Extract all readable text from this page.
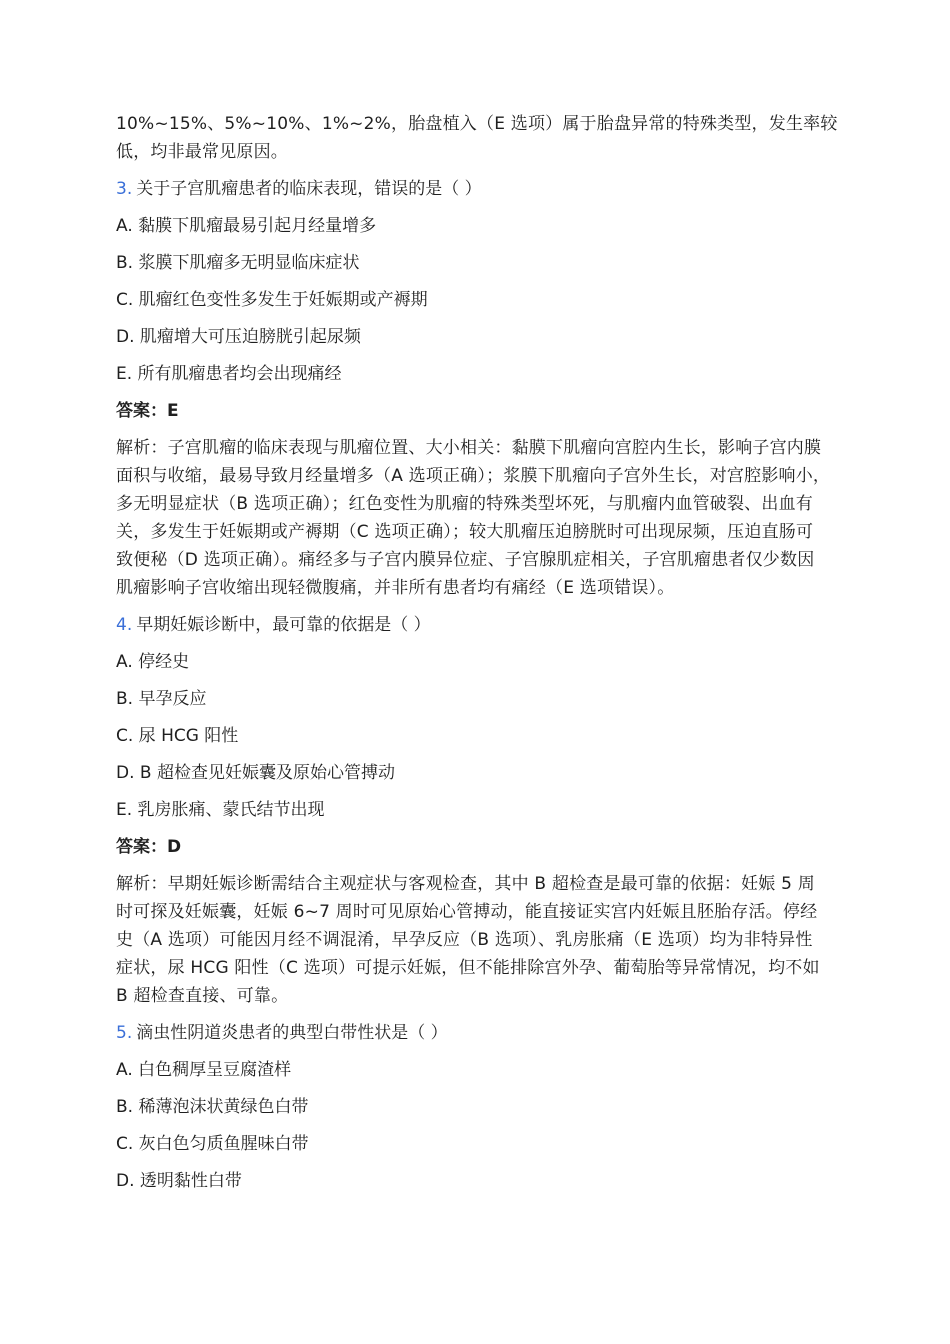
10%~15%、5%~10%、1%~2%，胎盘植入（E 选项）属于胎盘异常的特殊类型，发生率较
低，均非最常见原因。
3. 关于子宫肌瘤患者的临床表现，错误的是（ ）
A. 黏膜下肌瘤最易引起月经量增多
B. 浆膜下肌瘤多无明显临床症状
C. 肌瘤红色变性多发生于妊娠期或产褥期
D. 肌瘤增大可压迫膀胱引起尿频
E. 所有肌瘤患者均会出现痛经
答案：E
解析：子宫肌瘤的临床表现与肌瘤位置、大小相关：黏膜下肌瘤向宫腔内生长，影响子宫内膜
面积与收缩，最易导致月经量增多（A 选项正确）；浆膜下肌瘤向子宫外生长，对宫腔影响小，
多无明显症状（B 选项正确）；红色变性为肌瘤的特殊类型坏死，与肌瘤内血管破裂、出血有
关，多发生于妊娠期或产褥期（C 选项正确）；较大肌瘤压迫膀胱时可出现尿频，压迫直肠可
致便秘（D 选项正确）。痛经多与子宫内膜异位症、子宫腺肌症相关，子宫肌瘤患者仅少数因
肌瘤影响子宫收缩出现轻微腹痛，并非所有患者均有痛经（E 选项错误）。
4. 早期妊娠诊断中，最可靠的依据是（ ）
A. 停经史
B. 早孕反应
C. 尿 HCG 阳性
D. B 超检查见妊娠囊及原始心管搏动
E. 乳房胀痛、蒙氏结节出现
答案：D
解析：早期妊娠诊断需结合主观症状与客观检查，其中 B 超检查是最可靠的依据：妊娠 5 周
时可探及妊娠囊，妊娠 6~7 周时可见原始心管搏动，能直接证实宫内妊娠且胚胎存活。停经
史（A 选项）可能因月经不调混淆，早孕反应（B 选项）、乳房胀痛（E 选项）均为非特异性
症状，尿 HCG 阳性（C 选项）可提示妊娠，但不能排除宫外孕、葡萄胎等异常情况，均不如
B 超检查直接、可靠。
5. 滴虫性阴道炎患者的典型白带性状是（ ）
A. 白色稠厚呈豆腐渣样
B. 稀薄泡沫状黄绿色白带
C. 灰白色匀质鱼腥味白带
D. 透明黏性白带
